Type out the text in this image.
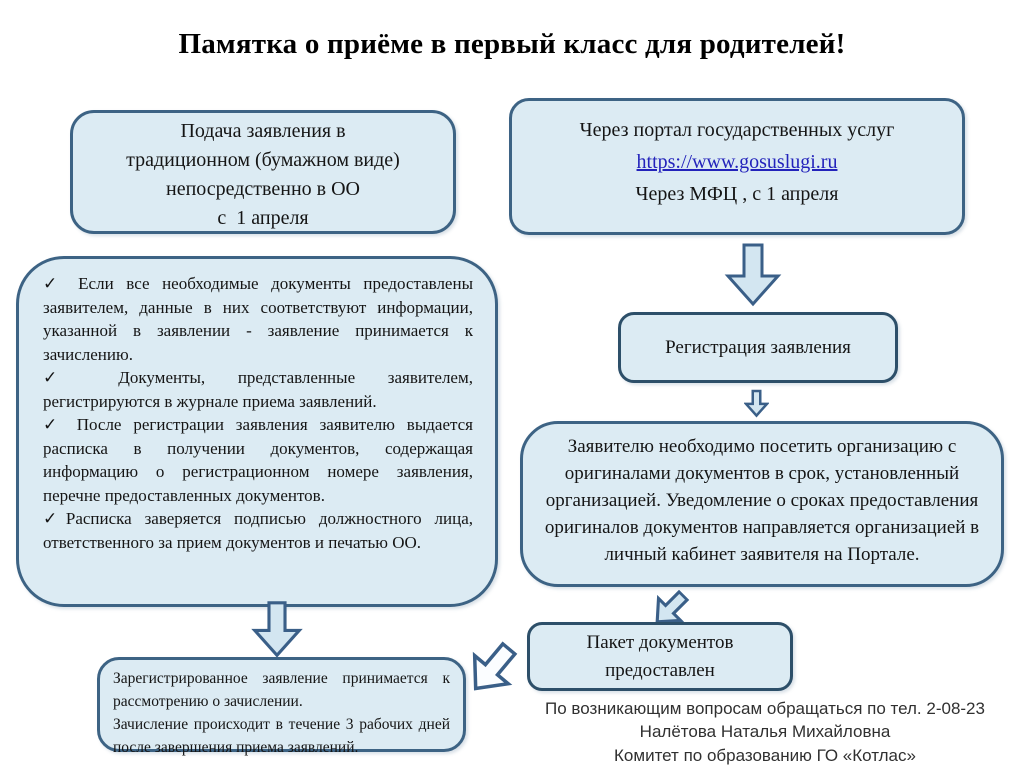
Памятка о приёме в первый класс для родителей!
Подача заявления в
традиционном (бумажном виде)
непосредственно в ОО
с  1 апреля
Через портал государственных услуг
https://www.gosuslugi.ru
Через МФЦ , с 1 апреля
Регистрация заявления

✓ Если все необходимые документы предоставлены заявителем, данные в них соответствуют информации, указанной в заявлении - заявление принимается к зачислению.

✓ Документы, представленные заявителем, регистрируются в журнале приема заявлений.

✓ После регистрации заявления заявителю выдается расписка в получении документов, содержащая информацию о регистрационном номере заявления, перечне предоставленных документов.

✓Расписка заверяется подписью должностного лица, ответственного за прием документов и печатью ОО.

Заявителю необходимо посетить организацию с оригиналами документов в срок, установленный организацией. Уведомление о сроках предоставления оригиналов документов направляется организацией в личный кабинет заявителя на Портале.
Пакет документов
предоставлен

Зарегистрированное заявление принимается к рассмотрению о зачислении.

Зачисление происходит в течение 3 рабочих дней после завершения приема заявлений.

По возникающим вопросам обращаться по тел. 2-08-23
Налётова Наталья Михайловна
Комитет по образованию ГО «Котлас»
